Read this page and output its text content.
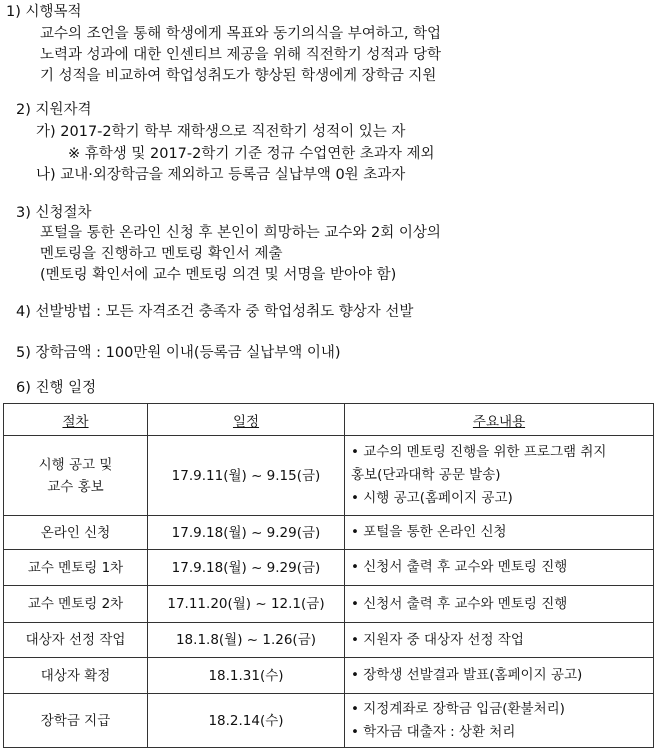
1) 시행목적
교수의 조언을 통해 학생에게 목표와 동기의식을 부여하고, 학업
노력과 성과에 대한 인센티브 제공을 위해 직전학기 성적과 당학
기 성적을 비교하여 학업성취도가 향상된 학생에게 장학금 지원
2) 지원자격
가) 2017-2학기 학부 재학생으로 직전학기 성적이 있는 자
※ 휴학생 및 2017-2학기 기준 정규 수업연한 초과자 제외
나) 교내·외장학금을 제외하고 등록금 실납부액 0원 초과자
3) 신청절차
포털을 통한 온라인 신청 후 본인이 희망하는 교수와 2회 이상의
멘토링을 진행하고 멘토링 확인서 제출
(멘토링 확인서에 교수 멘토링 의견 및 서명을 받아야 함)
4) 선발방법 : 모든 자격조건 충족자 중 학업성취도 향상자 선발
5) 장학금액 : 100만원 이내(등록금 실납부액 이내)
6) 진행 일정
절차	일정	주요내용

시행 공고 및
교수 홍보	17.9.11(월) ~ 9.15(금)	• 교수의 멘토링 진행을 위한 프로그램 취지
홍보(단과대학 공문 발송)
• 시행 공고(홈페이지 공고)

온라인 신청	17.9.18(월) ~ 9.29(금)	• 포털을 통한 온라인 신청
교수 멘토링 1차	17.9.18(월) ~ 9.29(금)	• 신청서 출력 후 교수와 멘토링 진행
교수 멘토링 2차	17.11.20(월) ~ 12.1(금)	• 신청서 출력 후 교수와 멘토링 진행
대상자 선정 작업	18.1.8(월) ~ 1.26(금)	• 지원자 중 대상자 선정 작업
대상자 확정	18.1.31(수)	• 장학생 선발결과 발표(홈페이지 공고)
장학금 지급	18.2.14(수)	• 지정계좌로 장학금 입금(환불처리)
• 학자금 대출자 : 상환 처리
